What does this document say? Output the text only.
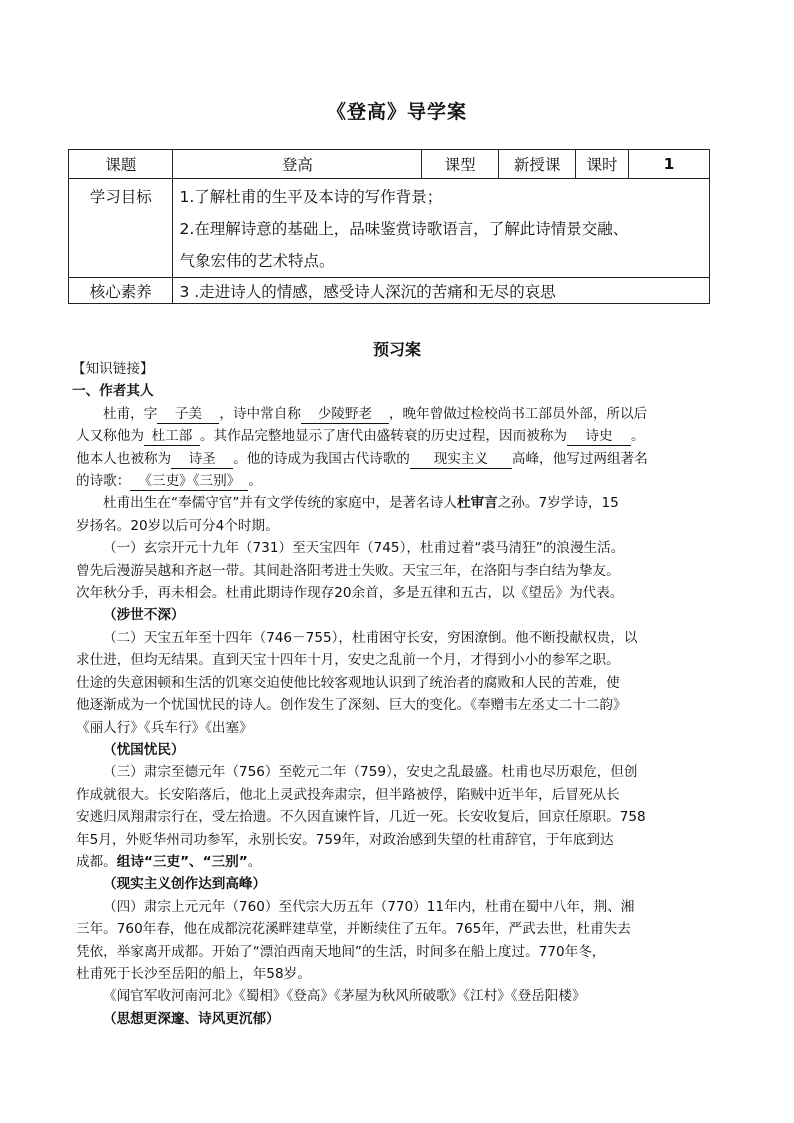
《登高》导学案
课题	登高	课型	新授课	课时	1
学习目标	1.了解杜甫的生平及本诗的写作背景；
2.在理解诗意的基础上，品味鉴赏诗歌语言，了解此诗情景交融、
气象宏伟的艺术特点。				

核心素养	3 .走进诗人的情感，感受诗人深沉的苦痛和无尽的哀思				
预习案

【知识链接】

一、作者其人

杜甫，字 子美 ，诗中常自称 少陵野老 ，晚年曾做过检校尚书工部员外部，所以后

人又称他为 杜工部 。其作品完整地显示了唐代由盛转衰的历史过程，因而被称为 诗史 。

他本人也被称为 诗圣 。他的诗成为我国古代诗歌的 现实主义 高峰，他写过两组著名

的诗歌： 《三吏》《三别》 。

杜甫出生在“奉儒守官”并有文学传统的家庭中，是著名诗人杜审言之孙。7岁学诗，15

岁扬名。20岁以后可分4个时期。

（一）玄宗开元十九年（731）至天宝四年（745），杜甫过着“裘马清狂”的浪漫生活。

曾先后漫游吴越和齐赵一带。其间赴洛阳考进士失败。天宝三年，在洛阳与李白结为挚友。

次年秋分手，再未相会。杜甫此期诗作现存20余首，多是五律和五古，以《望岳》为代表。

（涉世不深）

（二）天宝五年至十四年（746－755），杜甫困守长安，穷困潦倒。他不断投献权贵，以

求仕进，但均无结果。直到天宝十四年十月，安史之乱前一个月，才得到小小的参军之职。

仕途的失意困顿和生活的饥寒交迫使他比较客观地认识到了统治者的腐败和人民的苦难，使

他逐渐成为一个忧国忧民的诗人。创作发生了深刻、巨大的变化。《奉赠韦左丞丈二十二韵》

《丽人行》《兵车行》《出塞》

（忧国忧民）

（三）肃宗至德元年（756）至乾元二年（759），安史之乱最盛。杜甫也尽历艰危，但创

作成就很大。长安陷落后，他北上灵武投奔肃宗，但半路被俘，陷贼中近半年，后冒死从长

安逃归凤翔肃宗行在，受左拾遗。不久因直谏忤旨，几近一死。长安收复后，回京任原职。758

年5月，外贬华州司功参军，永别长安。759年，对政治感到失望的杜甫辞官，于年底到达

成都。组诗“三吏”、“三别”。

（现实主义创作达到高峰）

（四）肃宗上元元年（760）至代宗大历五年（770）11年内，杜甫在蜀中八年，荆、湘

三年。760年春，他在成都浣花溪畔建草堂，并断续住了五年。765年，严武去世，杜甫失去

凭依，举家离开成都。开始了“漂泊西南天地间”的生活，时间多在船上度过。770年冬，

杜甫死于长沙至岳阳的船上，年58岁。

《闻官军收河南河北》《蜀相》《登高》《茅屋为秋风所破歌》《江村》《登岳阳楼》

（思想更深邃、诗风更沉郁）
